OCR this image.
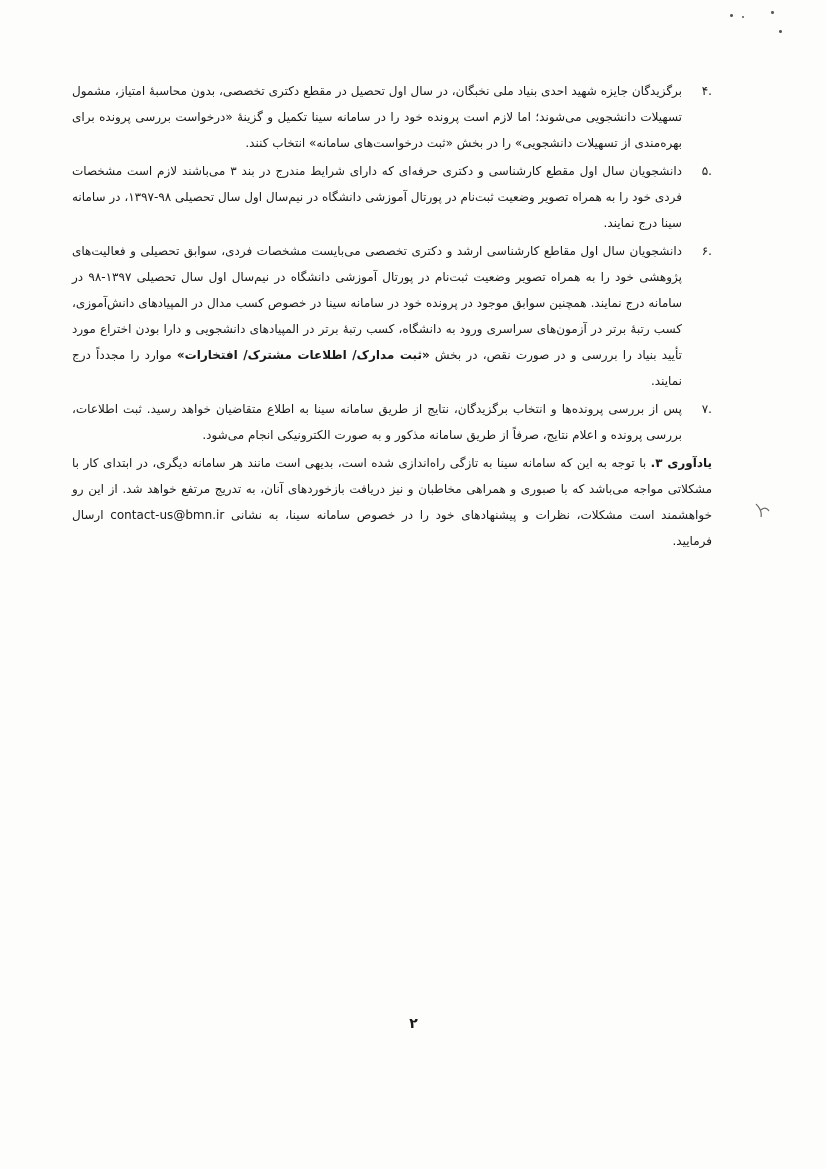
.۴
برگزیدگان جایزه شهید احدی بنیاد ملی نخبگان، در سال اول تحصیل در مقطع دکتری تخصصی، بدون محاسبهٔ امتیاز، مشمول تسهیلات دانشجویی می‌شوند؛ اما لازم است پرونده خود را در سامانه سینا تکمیل و گزینهٔ «درخواست بررسی پرونده برای بهره‌مندی از تسهیلات دانشجویی» را در بخش «ثبت درخواست‌های سامانه» انتخاب کنند.
.۵
دانشجویان سال اول مقطع کارشناسی و دکتری حرفه‌ای که دارای شرایط مندرج در بند ۳ می‌باشند لازم است مشخصات فردی خود را به همراه تصویر وضعیت ثبت‌نام در پورتال آموزشی دانشگاه در نیم‌سال اول سال تحصیلی ۹۸-۱۳۹۷، در سامانه سینا درج نمایند.
.۶
دانشجویان سال اول مقاطع کارشناسی ارشد و دکتری تخصصی می‌بایست مشخصات فردی، سوابق تحصیلی و فعالیت‌های پژوهشی خود را به همراه تصویر وضعیت ثبت‌نام در پورتال آموزشی دانشگاه در نیم‌سال اول سال تحصیلی ۱۳۹۷-۹۸ در سامانه درج نمایند. همچنین سوابق موجود در پرونده خود در سامانه سینا در خصوص کسب مدال در المپیادهای دانش‌آموزی، کسب رتبهٔ برتر در آزمون‌های سراسری ورود به دانشگاه، کسب رتبهٔ برتر در المپیادهای دانشجویی و دارا بودن اختراع مورد تأیید بنیاد را بررسی و در صورت نقص، در بخش «ثبت مدارک/ اطلاعات مشترک/ افتخارات» موارد را مجدداً درج نمایند.
.۷
پس از بررسی پرونده‌ها و انتخاب برگزیدگان، نتایج از طریق سامانه سینا به اطلاع متقاضیان خواهد رسید. ثبت اطلاعات، بررسی پرونده و اعلام نتایج، صرفاً از طریق سامانه مذکور و به صورت الکترونیکی انجام می‌شود.
یادآوری ۳. با توجه به این که سامانه سینا به تازگی راه‌اندازی شده است، بدیهی است مانند هر سامانه دیگری، در ابتدای کار با مشکلاتی مواجه می‌باشد که با صبوری و همراهی مخاطبان و نیز دریافت بازخوردهای آنان، به تدریج مرتفع خواهد شد. از این رو خواهشمند است مشکلات، نظرات و پیشنهادهای خود را در خصوص سامانه سینا، به نشانی contact-us@bmn.ir ارسال فرمایید.
۲
